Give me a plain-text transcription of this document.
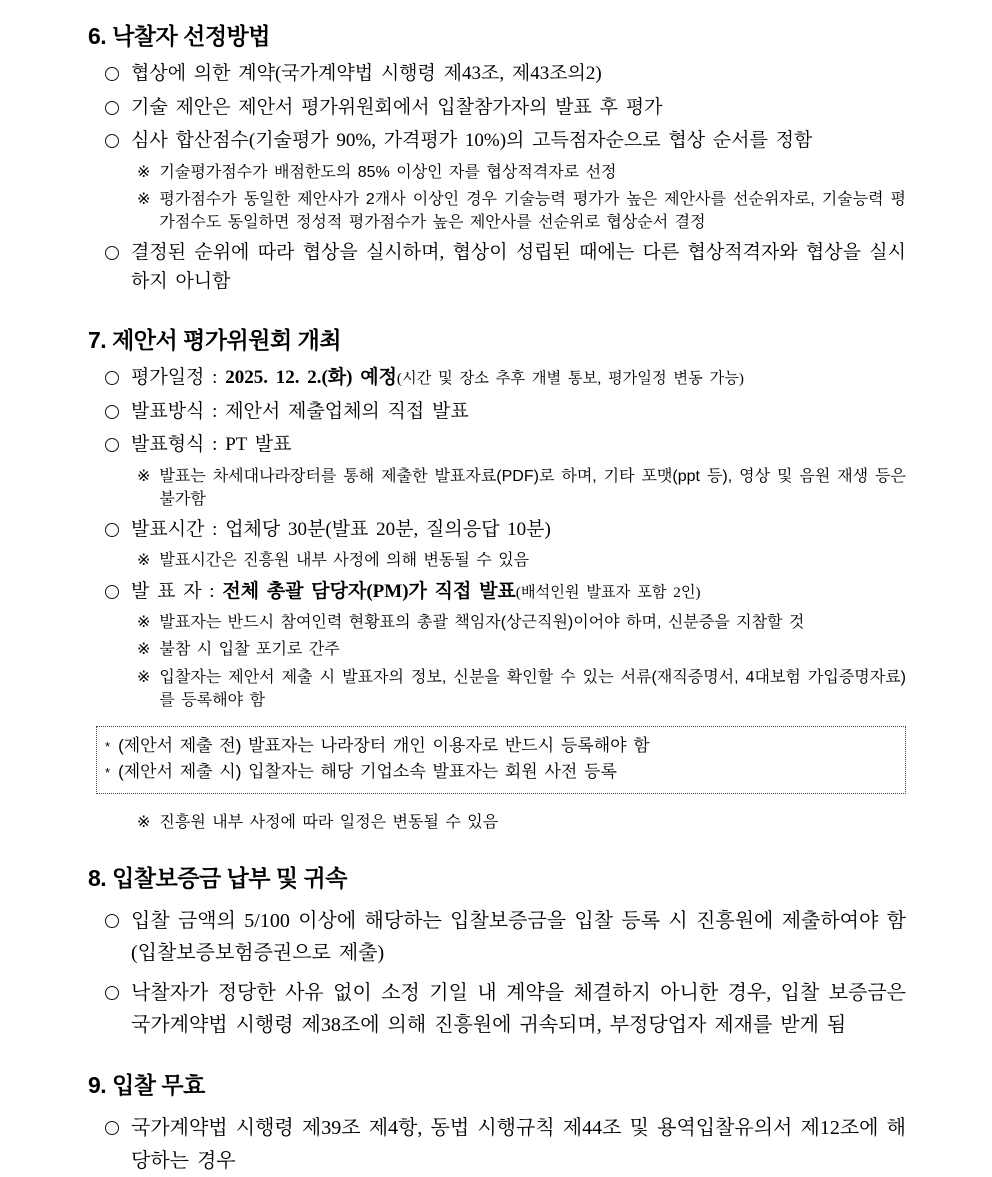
6. 낙찰자 선정방법
협상에 의한 계약(국가계약법 시행령 제43조, 제43조의2)
기술 제안은 제안서 평가위원회에서 입찰참가자의 발표 후 평가
심사 합산점수(기술평가 90%, 가격평가 10%)의 고득점자순으로 협상 순서를 정함
※ 기술평가점수가 배점한도의 85% 이상인 자를 협상적격자로 선정
※ 평가점수가 동일한 제안사가 2개사 이상인 경우 기술능력 평가가 높은 제안사를 선순위자로, 기술능력 평가점수도 동일하면 정성적 평가점수가 높은 제안사를 선순위로 협상순서 결정
결정된 순위에 따라 협상을 실시하며, 협상이 성립된 때에는 다른 협상적격자와 협상을 실시하지 아니함
7. 제안서 평가위원회 개최
평가일정 : 2025. 12. 2.(화) 예정(시간 및 장소 추후 개별 통보, 평가일정 변동 가능)
발표방식 : 제안서 제출업체의 직접 발표
발표형식 : PT 발표
※ 발표는 차세대나라장터를 통해 제출한 발표자료(PDF)로 하며, 기타 포맷(ppt 등), 영상 및 음원 재생 등은 불가함
발표시간 : 업체당 30분(발표 20분, 질의응답 10분)
※ 발표시간은 진흥원 내부 사정에 의해 변동될 수 있음
발 표 자 : 전체 총괄 담당자(PM)가 직접 발표(배석인원 발표자 포함 2인)
※ 발표자는 반드시 참여인력 현황표의 총괄 책임자(상근직원)이어야 하며, 신분증을 지참할 것
※ 불참 시 입찰 포기로 간주
※ 입찰자는 제안서 제출 시 발표자의 정보, 신분을 확인할 수 있는 서류(재직증명서, 4대보험 가입증명자료)를 등록해야 함
* (제안서 제출 전) 발표자는 나라장터 개인 이용자로 반드시 등록해야 함
* (제안서 제출 시) 입찰자는 해당 기업소속 발표자는 회원 사전 등록
※ 진흥원 내부 사정에 따라 일정은 변동될 수 있음
8. 입찰보증금 납부 및 귀속
입찰 금액의 5/100 이상에 해당하는 입찰보증금을 입찰 등록 시 진흥원에 제출하여야 함(입찰보증보험증권으로 제출)
낙찰자가 정당한 사유 없이 소정 기일 내 계약을 체결하지 아니한 경우, 입찰 보증금은 국가계약법 시행령 제38조에 의해 진흥원에 귀속되며, 부정당업자 제재를 받게 됨
9. 입찰 무효
국가계약법 시행령 제39조 제4항, 동법 시행규칙 제44조 및 용역입찰유의서 제12조에 해당하는 경우
